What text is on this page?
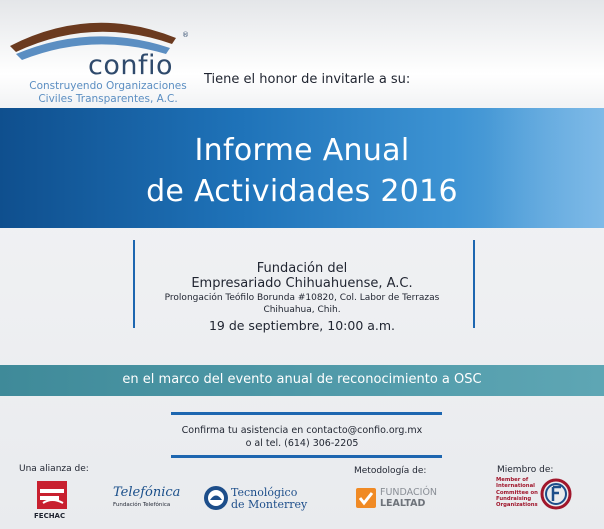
confio
®
Construyendo Organizaciones
Civiles Transparentes, A.C.
Tiene el honor de invitarle a su:
Informe Anual
de Actividades 2016
Fundación del
Empresariado Chihuahuense, A.C.
Prolongación Teófilo Borunda #10820, Col. Labor de Terrazas
Chihuahua, Chih.
19 de septiembre, 10:00 a.m.
en el marco del evento anual de reconocimiento a OSC
Confirma tu asistencia en contacto@confio.org.mx
o al tel. (614) 306-2205
Una alianza de:	Metodología de:	Miembro de:
FECHAC
Telefónica
Fundación Telefónica
Tecnológico
de Monterrey
FUNDACIÓN
LEALTAD
Member of International Committee on Fundraising Organizations
